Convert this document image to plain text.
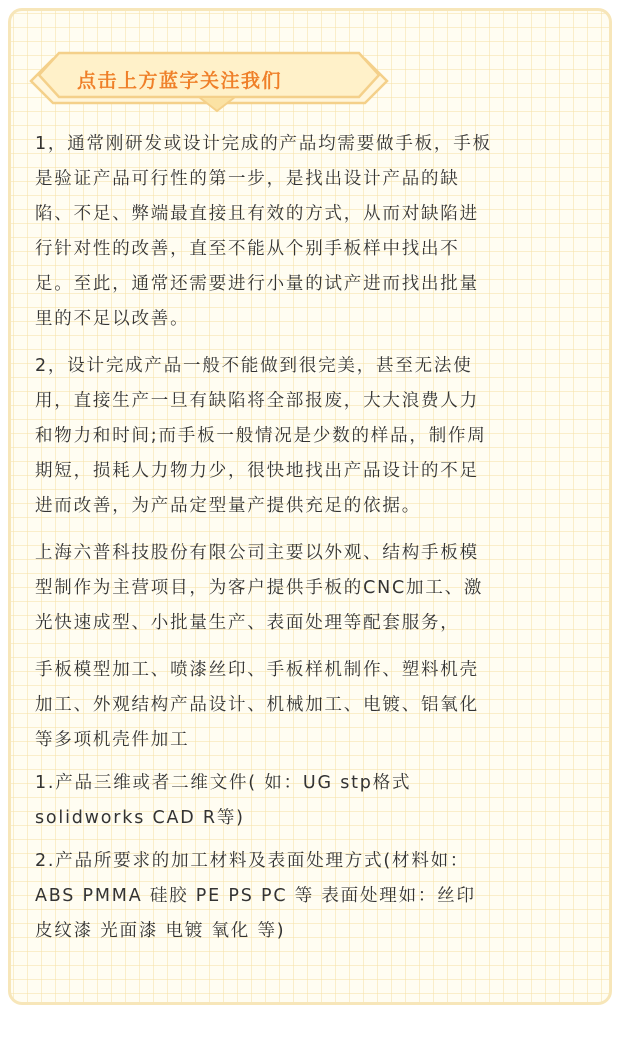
点击上方蓝字关注我们

1，通常刚研发或设计完成的产品均需要做手板，手板
是验证产品可行性的第一步，是找出设计产品的缺
陷、不足、弊端最直接且有效的方式，从而对缺陷进
行针对性的改善，直至不能从个别手板样中找出不
足。至此，通常还需要进行小量的试产进而找出批量
里的不足以改善。

2，设计完成产品一般不能做到很完美，甚至无法使
用，直接生产一旦有缺陷将全部报废，大大浪费人力
和物力和时间;而手板一般情况是少数的样品，制作周
期短，损耗人力物力少，很快地找出产品设计的不足
进而改善，为产品定型量产提供充足的依据。

上海六普科技股份有限公司主要以外观、结构手板模
型制作为主营项目，为客户提供手板的CNC加工、激
光快速成型、小批量生产、表面处理等配套服务，

手板模型加工、喷漆丝印、手板样机制作、塑料机壳
加工、外观结构产品设计、机械加工、电镀、铝氧化
等多项机壳件加工

1.产品三维或者二维文件( 如：UG stp格式
solidworks CAD R等)

2.产品所要求的加工材料及表面处理方式(材料如：
ABS PMMA 硅胶 PE PS PC 等 表面处理如：丝印
皮纹漆 光面漆 电镀 氧化 等)
